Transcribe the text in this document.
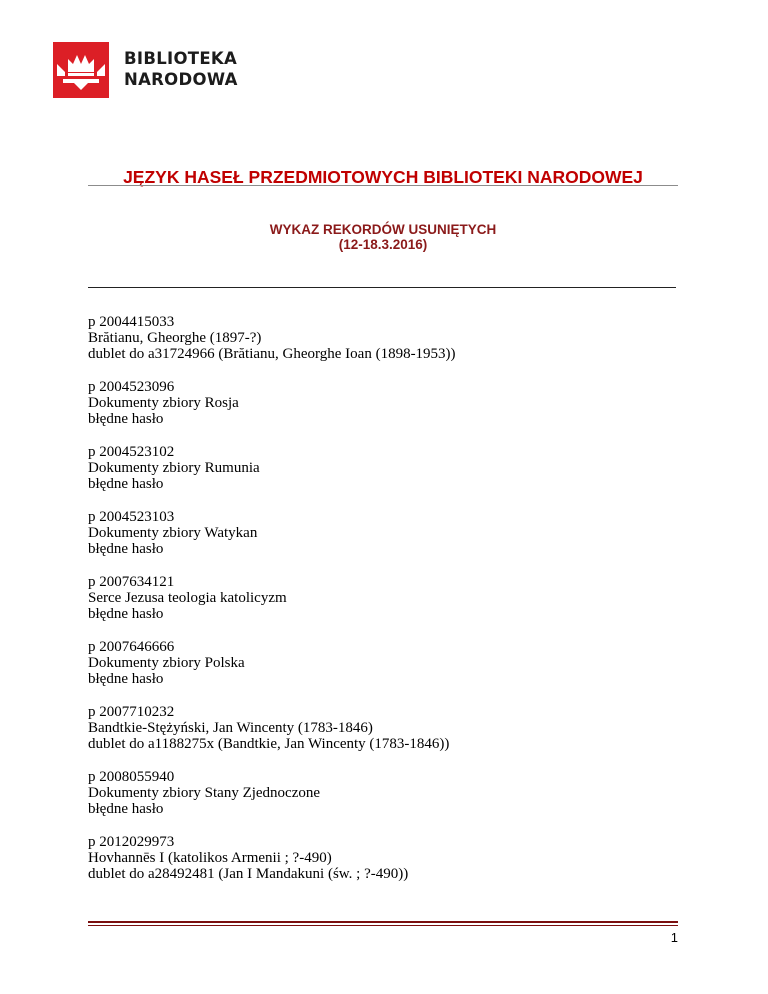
BIBLIOTEKA
NARODOWA
JĘZYK HASEŁ PRZEDMIOTOWYCH BIBLIOTEKI NARODOWEJ
WYKAZ REKORDÓW USUNIĘTYCH
(12-18.3.2016)
p 2004415033
Brătianu, Gheorghe (1897-?)
dublet do a31724966 (Brătianu, Gheorghe Ioan (1898-1953))
p 2004523096
Dokumenty zbiory Rosja
błędne hasło
p 2004523102
Dokumenty zbiory Rumunia
błędne hasło
p 2004523103
Dokumenty zbiory Watykan
błędne hasło
p 2007634121
Serce Jezusa teologia katolicyzm
błędne hasło
p 2007646666
Dokumenty zbiory Polska
błędne hasło
p 2007710232
Bandtkie-Stężyński, Jan Wincenty (1783-1846)
dublet do a1188275x (Bandtkie, Jan Wincenty (1783-1846))
p 2008055940
Dokumenty zbiory Stany Zjednoczone
błędne hasło
p 2012029973
Hovhannēs I (katolikos Armenii ; ?-490)
dublet do a28492481 (Jan I Mandakuni (św. ; ?-490))
1
